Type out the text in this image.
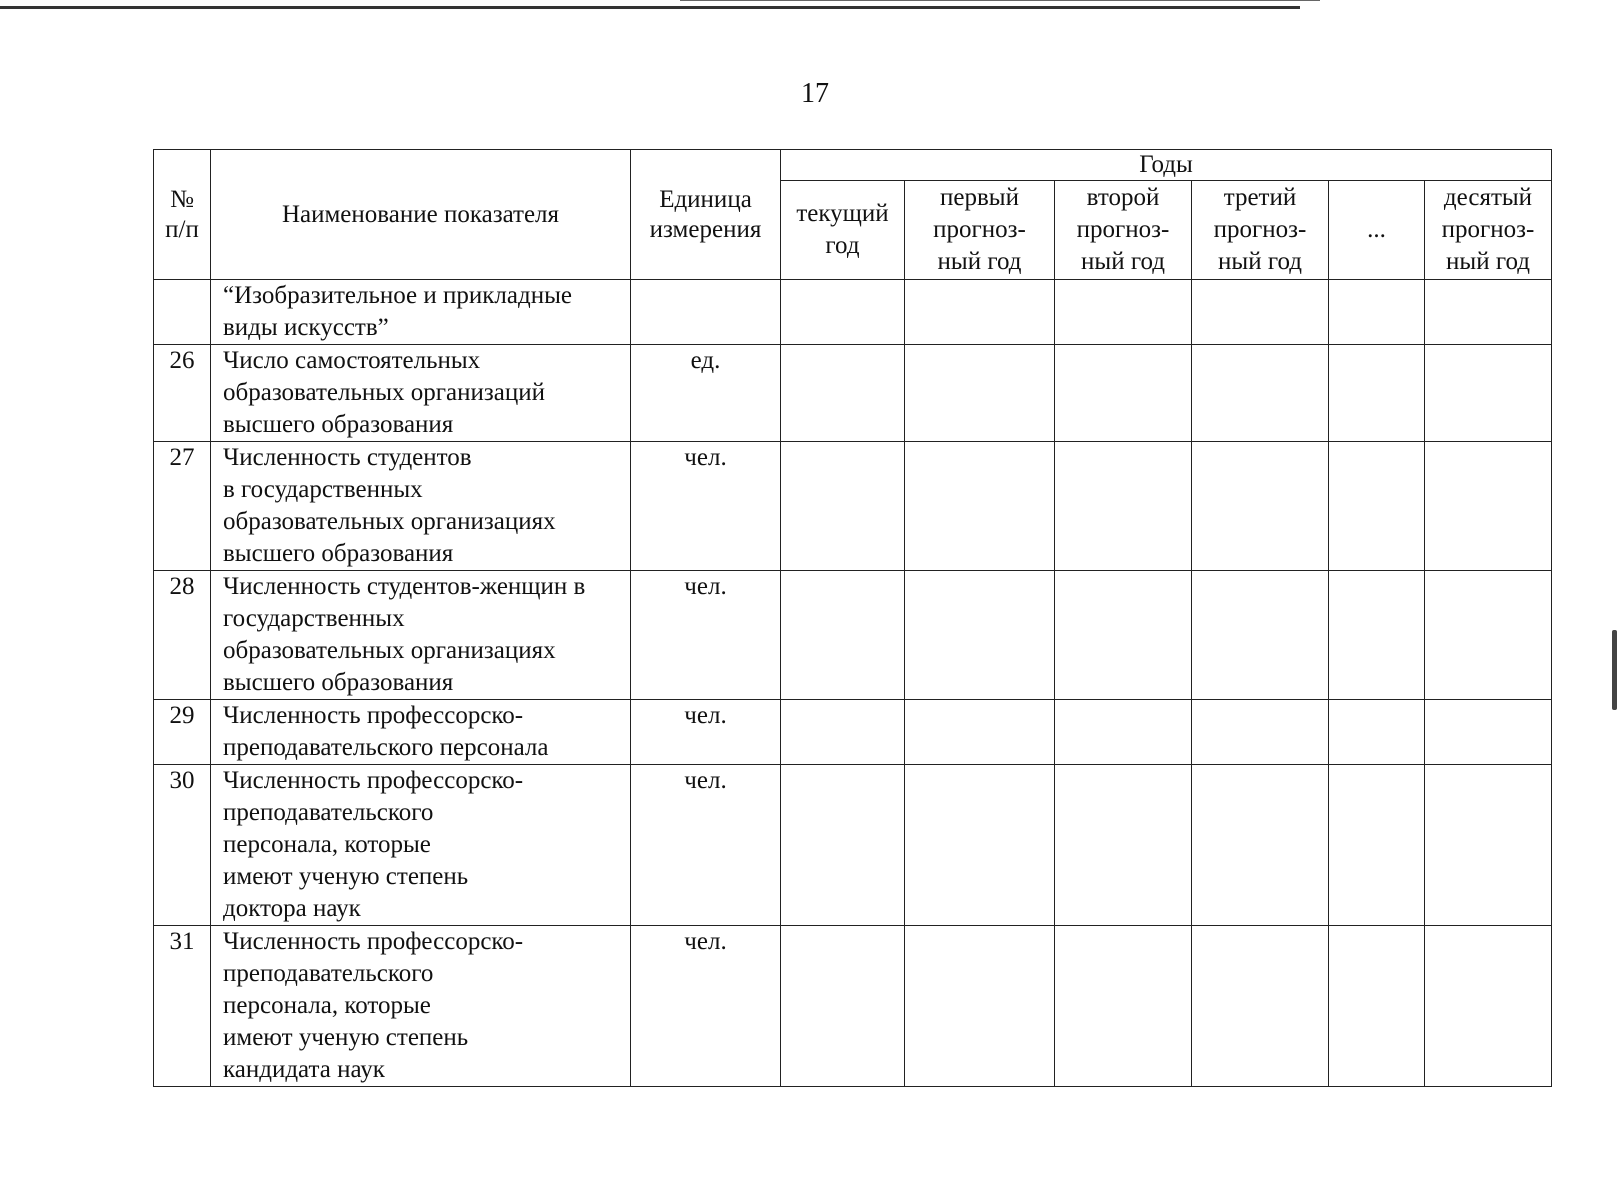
17
№
п/п	Наименование показателя	Единица
измерения	Годы					

			текущий
год	первый
прогноз-
ный год	второй
прогноз-
ный год	третий
прогноз-
ный год	...	десятый
прогноз-
ный год

	“Изобразительное и прикладные
виды искусств”							

26	Число самостоятельных
образовательных организаций
высшего образования	ед.						
27	Численность студентов
в государственных
образовательных организациях
высшего образования	чел.						
28	Численность студентов-женщин в
государственных
образовательных организациях
высшего образования	чел.						
29	Численность профессорско-
преподавательского персонала	чел.						
30	Численность профессорско-
преподавательского
персонала, которые
имеют ученую степень
доктора наук	чел.						
31	Численность профессорско-
преподавательского
персонала, которые
имеют ученую степень
кандидата наук	чел.						
